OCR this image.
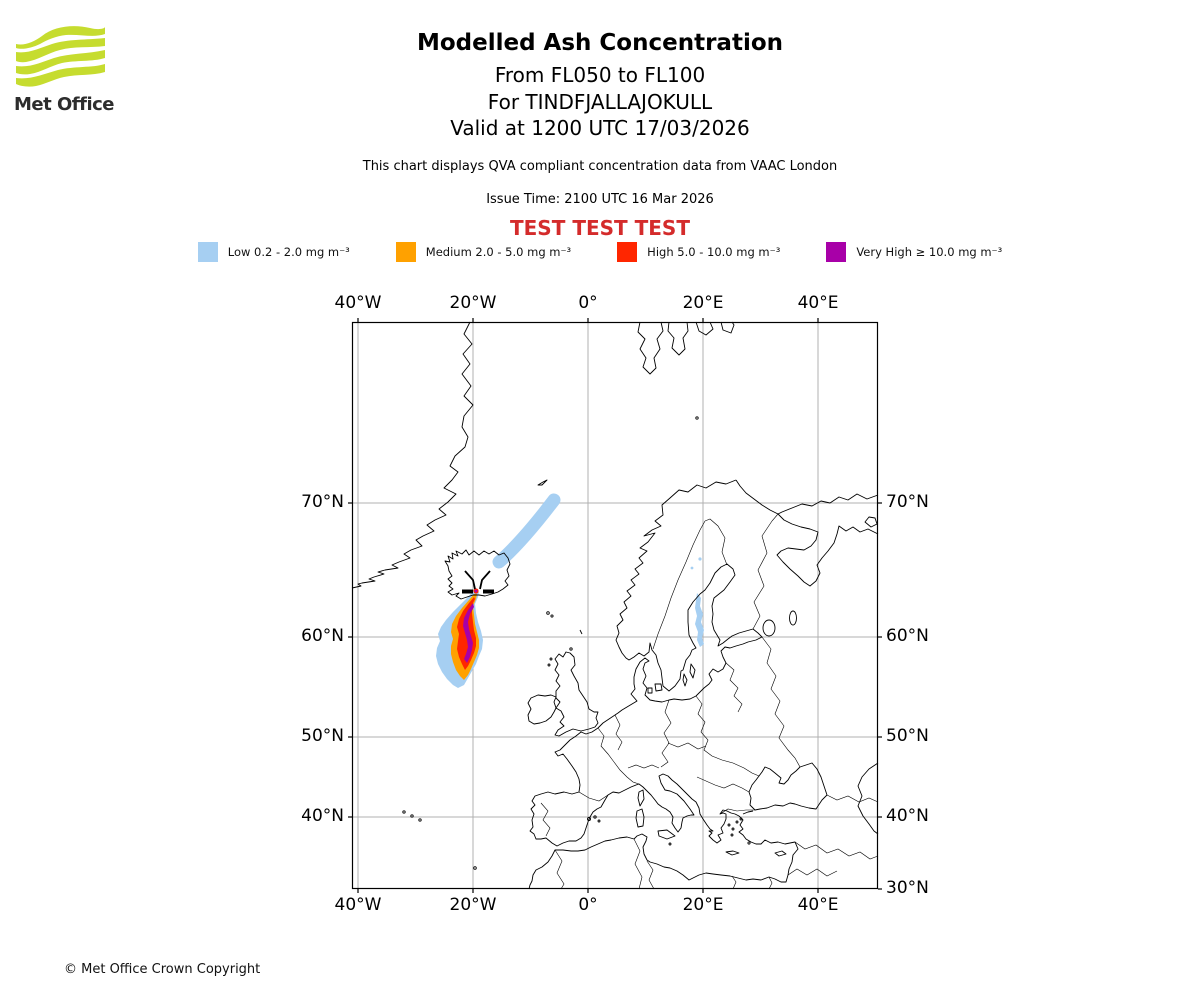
Met Office
Modelled Ash Concentration
From FL050 to FL100
For TINDFJALLAJOKULL
Valid at 1200 UTC 17/03/2026
This chart displays QVA compliant concentration data from VAAC London
Issue Time: 2100 UTC 16 Mar 2026
TEST TEST TEST
Low 0.2 - 2.0 mg m⁻³	Medium 2.0 - 5.0 mg m⁻³	High 5.0 - 10.0 mg m⁻³	Very High ≥ 10.0 mg m⁻³
40°W	20°W	0°	20°E	40°E
40°W	20°W	0°	20°E	40°E
70°N
60°N
50°N
40°N
70°N
60°N
50°N
40°N
30°N
© Met Office Crown Copyright
